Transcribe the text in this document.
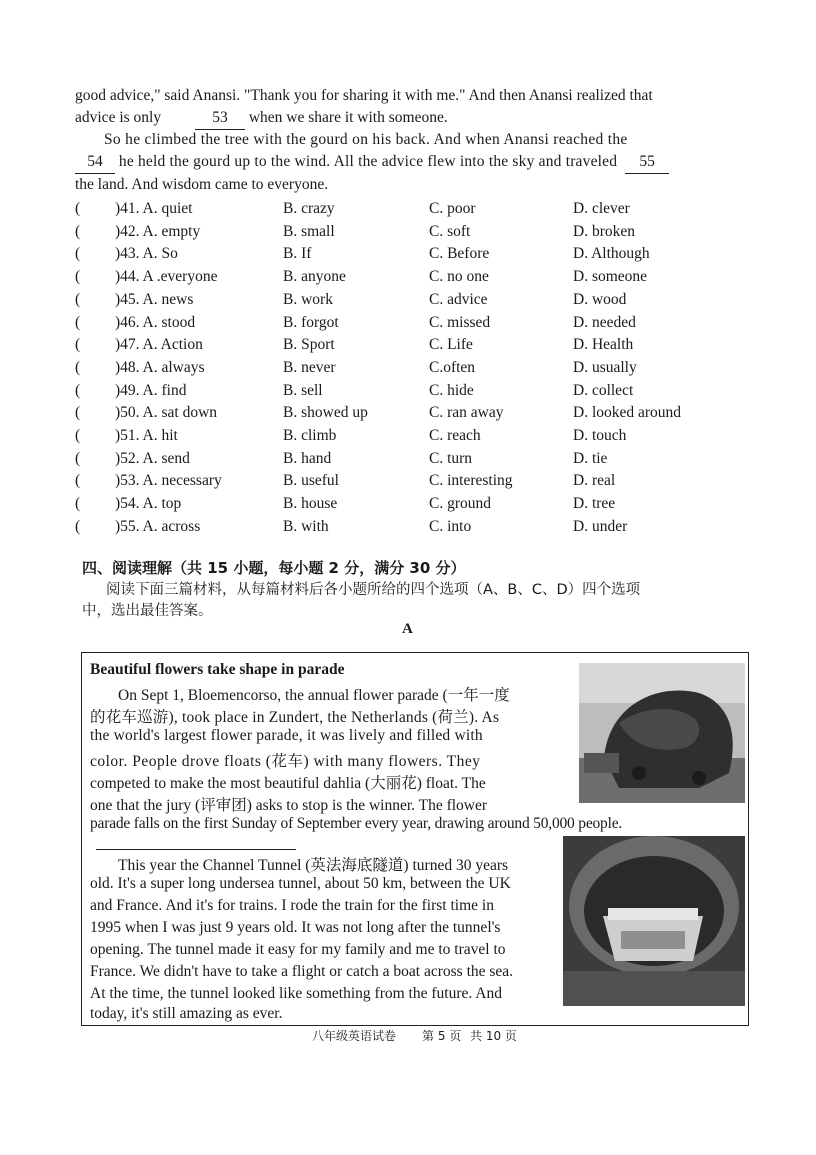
good advice," said Anansi. "Thank you for sharing it with me." And then Anansi realized that
advice is only	53 when we share it with someone.
So he climbed the tree with the gourd on his back. And when Anansi reached the
54 he held the gourd up to the wind. All the advice flew into the sky and traveled 55
the land. And wisdom came to everyone.
( )41. A. quiet	B. crazy	C. poor	D. clever
( )42. A. empty	B. small	C. soft	D. broken
( )43. A. So	B. If	C. Before	D. Although
( )44. A .everyone	B. anyone	C. no one	D. someone
( )45. A. news	B. work	C. advice	D. wood
( )46. A. stood	B. forgot	C. missed	D. needed
( )47. A. Action	B. Sport	C. Life	D. Health
( )48. A. always	B. never	C.often	D. usually
( )49. A. find	B. sell	C. hide	D. collect
( )50. A. sat down	B. showed up	C. ran away	D. looked around
( )51. A. hit	B. climb	C. reach	D. touch
( )52. A. send	B. hand	C. turn	D. tie
( )53. A. necessary	B. useful	C. interesting	D. real
( )54. A. top	B. house	C. ground	D. tree
( )55. A. across	B. with	C. into	D. under
四、阅读理解（共 15 小题，每小题 2 分，满分 30 分）
阅读下面三篇材料，从每篇材料后各小题所给的四个选项（A、B、C、D）四个选项
中，选出最佳答案。
A
Beautiful flowers take shape in parade
On Sept 1, Bloemencorso, the annual flower parade (一年一度
的花车巡游), took place in Zundert, the Netherlands (荷兰). As
the world's largest flower parade, it was lively and filled with
color. People drove floats (花车) with many flowers. They
competed to make the most beautiful dahlia (大丽花) float. The
one that the jury (评审团) asks to stop is the winner. The flower
parade falls on the first Sunday of September every year, drawing around 50,000 people.
This year the Channel Tunnel (英法海底隧道) turned 30 years
old. It's a super long undersea tunnel, about 50 km, between the UK
and France. And it's for trains. I rode the train for the first time in
1995 when I was just 9 years old. It was not long after the tunnel's
opening. The tunnel made it easy for my family and me to travel to
France. We didn't have to take a flight or catch a boat across the sea.
At the time, the tunnel looked like something from the future. And
today, it's still amazing as ever.
八年级英语试卷 第 5 页 共 10 页
